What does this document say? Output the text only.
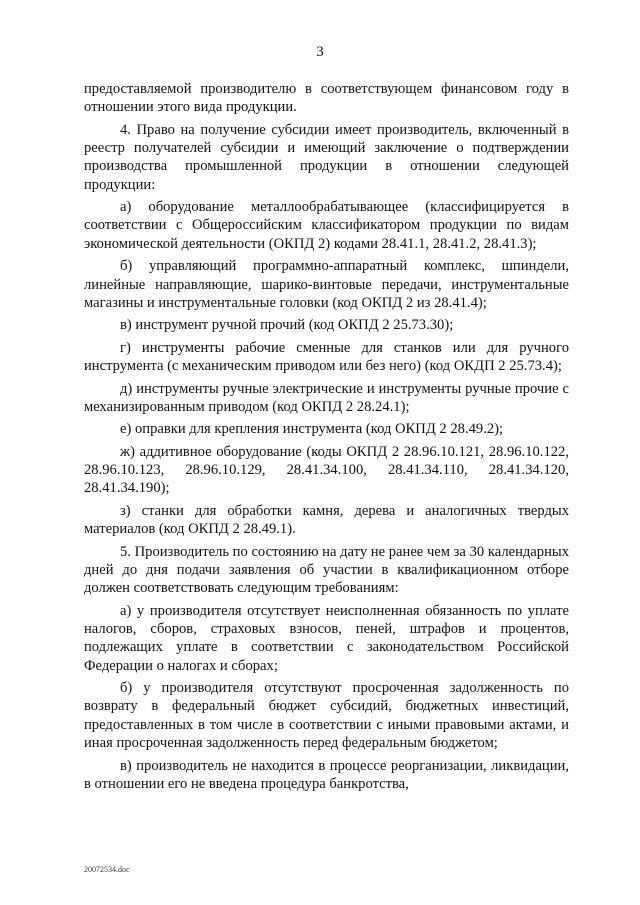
3

предоставляемой производителю в соответствующем финансовом году в отношении этого вида продукции.

4. Право на получение субсидии имеет производитель, включенный в реестр получателей субсидии и имеющий заключение о подтверждении производства промышленной продукции в отношении следующей продукции:

а) оборудование металлообрабатывающее (классифицируется в соответствии с Общероссийским классификатором продукции по видам экономической деятельности (ОКПД 2) кодами 28.41.1, 28.41.2, 28.41.3);

б) управляющий программно-аппаратный комплекс, шпиндели, линейные направляющие, шарико-винтовые передачи, инструментальные магазины и инструментальные головки (код ОКПД 2 из 28.41.4);

в) инструмент ручной прочий (код ОКПД 2 25.73.30);

г) инструменты рабочие сменные для станков или для ручного инструмента (с механическим приводом или без него) (код ОКДП 2 25.73.4);

д) инструменты ручные электрические и инструменты ручные прочие с механизированным приводом (код ОКПД 2 28.24.1);

е) оправки для крепления инструмента (код ОКПД 2 28.49.2);

ж) аддитивное оборудование (коды ОКПД 2 28.96.10.121, 28.96.10.122, 28.96.10.123, 28.96.10.129, 28.41.34.100, 28.41.34.110, 28.41.34.120, 28.41.34.190);

з) станки для обработки камня, дерева и аналогичных твердых материалов (код ОКПД 2 28.49.1).

5. Производитель по состоянию на дату не ранее чем за 30 календарных дней до дня подачи заявления об участии в квалификационном отборе должен соответствовать следующим требованиям:

а) у производителя отсутствует неисполненная обязанность по уплате налогов, сборов, страховых взносов, пеней, штрафов и процентов, подлежащих уплате в соответствии с законодательством Российской Федерации о налогах и сборах;

б) у производителя отсутствуют просроченная задолженность по возврату в федеральный бюджет субсидий, бюджетных инвестиций, предоставленных в том числе в соответствии с иными правовыми актами, и иная просроченная задолженность перед федеральным бюджетом;

в) производитель не находится в процессе реорганизации, ликвидации, в отношении его не введена процедура банкротства,

20072534.doc
